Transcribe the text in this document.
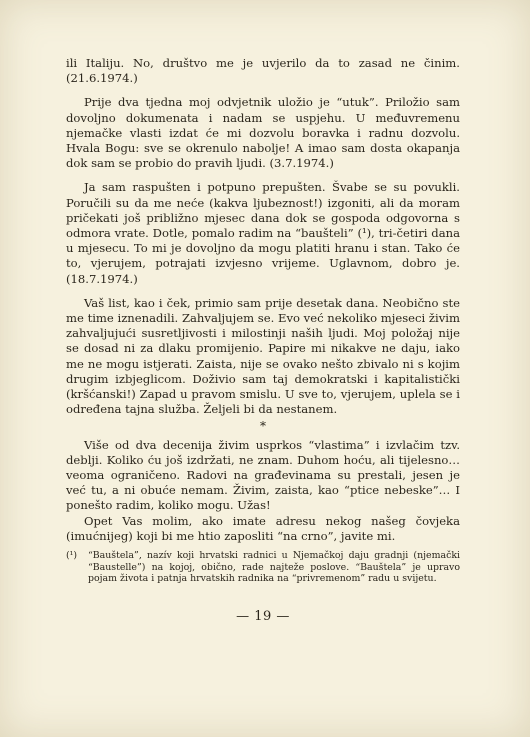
ili Italiju. No, društvo me je uvjerilo da to zasad ne činim. (21.6.1974.)

Prije dva tjedna moj odvjetnik uložio je “utuk”. Priložio sam dovoljno dokumenata i nadam se uspjehu. U međuvremenu njemačke vlasti izdat će mi dozvolu boravka i radnu dozvolu. Hvala Bogu: sve se okrenulo nabolje! A imao sam dosta okapanja dok sam se probio do pravih ljudi. (3.7.1974.)

Ja sam raspušten i potpuno prepušten. Švabe se su povukli. Poručili su da me neće (kakva ljubeznost!) izgoniti, ali da moram pričekati još približno mjesec dana dok se gospoda odgovorna s odmora vrate. Dotle, pomalo radim na “baušteli” (¹), tri-četiri dana u mjesecu. To mi je dovoljno da mogu platiti hranu i stan. Tako će to, vjerujem, potrajati izvjesno vrijeme. Uglavnom, dobro je. (18.7.1974.)

Vaš list, kao i ček, primio sam prije desetak dana. Neobično ste me time iznenadili. Zahvaljujem se. Evo već nekoliko mjeseci živim zahvaljujući susretljivosti i milostinji naših ljudi. Moj položaj nije se dosad ni za dlaku promijenio. Papire mi nikakve ne daju, iako me ne mogu istjerati. Zaista, nije se ovako nešto zbivalo ni s kojim drugim izbjeglicom. Doživio sam taj demokratski i kapitalistički (kršćanski!) Zapad u pravom smislu. U sve to, vjerujem, uplela se i određena tajna služba. Željeli bi da nestanem.

*

Više od dva decenija živim usprkos “vlastima” i izvlačim tzv. deblji. Koliko ću još izdržati, ne znam. Duhom hoću, ali tijelesno… veoma ograničeno. Radovi na građevinama su prestali, jesen je već tu, a ni obuće nemam. Živim, zaista, kao “ptice nebeske”… I ponešto radim, koliko mogu. Užas!

Opet Vas molim, ako imate adresu nekog našeg čovjeka (imućnijeg) koji bi me htio zaposliti “na crno”, javite mi.

(¹) “Bauštela”, nazív koji hrvatski radnici u Njemačkoj daju gradnji (njemački “Baustelle”) na kojoj, obično, rade najteže poslove. “Bauštela” je upravo pojam života i patnja hrvatskih radnika na “privremenom” radu u svijetu.
— 19 —
